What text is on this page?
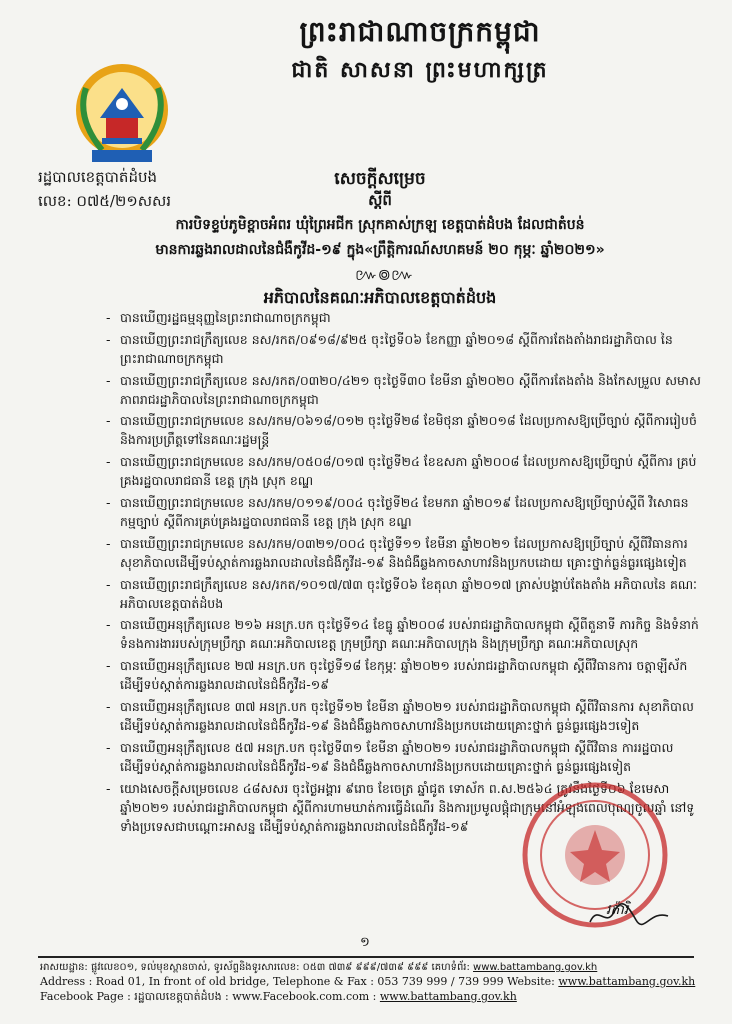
ព្រះរាជាណាចក្រកម្ពុជា
ជាតិ សាសនា ព្រះមហាក្សត្រ
រដ្ឋបាលខេត្តបាត់ដំបង
លេខ: ០៧៥/២១សសរ
សេចក្តីសម្រេច
ស្តីពី
ការបិទខ្ទប់ភូមិខ្ពាចអំពរ ឃុំព្រៃអជីក ស្រុកគាស់ក្រឡ ខេត្តបាត់ដំបង ដែលជាតំបន់
មានការឆ្លងរាលដាលនៃជំងឺកូវីដ-១៩ ក្នុង«ព្រឹត្តិការណ៍សហគមន៍ ២០ កុម្ភៈ ឆ្នាំ២០២១»
៚៙៚
អភិបាលនៃគណៈអភិបាលខេត្តបាត់ដំបង
- បានឃើញរដ្ឋធម្មនុញ្ញនៃព្រះរាជាណាចក្រកម្ពុជា
- បានឃើញព្រះរាជក្រឹត្យលេខ នស/រកត/០៩១៨/៩២៥ ចុះថ្ងៃទី០៦ ខែកញ្ញា ឆ្នាំ២០១៨ ស្តីពីការតែងតាំងរាជរដ្ឋាភិបាល នៃព្រះរាជាណាចក្រកម្ពុជា
- បានឃើញព្រះរាជក្រឹត្យលេខ នស/រកត/០៣២០/៤២១ ចុះថ្ងៃទី៣០ ខែមីនា ឆ្នាំ២០២០ ស្តីពីការតែងតាំង និងកែសម្រួល សមាសភាពរាជរដ្ឋាភិបាលនៃព្រះរាជាណាចក្រកម្ពុជា
- បានឃើញព្រះរាជក្រមលេខ នស/រកម/០៦១៨/០១២ ចុះថ្ងៃទី២៨ ខែមិថុនា ឆ្នាំ២០១៨ ដែលប្រកាសឱ្យប្រើច្បាប់ ស្តីពីការរៀបចំ និងការប្រព្រឹត្តទៅនៃគណៈរដ្ឋមន្ត្រី
- បានឃើញព្រះរាជក្រមលេខ នស/រកម/០៥០៨/០១៧ ចុះថ្ងៃទី២៤ ខែឧសភា ឆ្នាំ២០០៨ ដែលប្រកាសឱ្យប្រើច្បាប់ ស្តីពីការ គ្រប់គ្រងរដ្ឋបាលរាជធានី ខេត្ត ក្រុង ស្រុក ខណ្ឌ
- បានឃើញព្រះរាជក្រមលេខ នស/រកម/០១១៩/០០៤ ចុះថ្ងៃទី២៤ ខែមករា ឆ្នាំ២០១៩ ដែលប្រកាសឱ្យប្រើច្បាប់ស្តីពី វិសោធនកម្មច្បាប់ ស្តីពីការគ្រប់គ្រងរដ្ឋបាលរាជធានី ខេត្ត ក្រុង ស្រុក ខណ្ឌ
- បានឃើញព្រះរាជក្រមលេខ នស/រកម/០៣២១/០០៤ ចុះថ្ងៃទី១១ ខែមីនា ឆ្នាំ២០២១ ដែលប្រកាសឱ្យប្រើច្បាប់ ស្តីពីវិធានការសុខាភិបាលដើម្បីទប់ស្កាត់ការឆ្លងរាលដាលនៃជំងឺកូវីដ-១៩ និងជំងឺឆ្លងកាចសាហាវនិងប្រកបដោយ គ្រោះថ្នាក់ធ្ងន់ធ្ងរផ្សេងទៀត
- បានឃើញព្រះរាជក្រឹត្យលេខ នស/រកត/១០១៧/៧៣ ចុះថ្ងៃទី០៦ ខែតុលា ឆ្នាំ២០១៧ ត្រាស់បង្គាប់តែងតាំង អភិបាលនៃ គណៈអភិបាលខេត្តបាត់ដំបង
- បានឃើញអនុក្រឹត្យលេខ ២១៦ អនក្រ.បក ចុះថ្ងៃទី១៤ ខែធ្នូ ឆ្នាំ២០០៨ របស់រាជរដ្ឋាភិបាលកម្ពុជា ស្តីពីតួនាទី ភារកិច្ច និងទំនាក់ទំនងការងាររបស់ក្រុមប្រឹក្សា គណៈអភិបាលខេត្ត ក្រុមប្រឹក្សា គណៈអភិបាលក្រុង និងក្រុមប្រឹក្សា គណៈអភិបាលស្រុក
- បានឃើញអនុក្រឹត្យលេខ ២៧ អនក្រ.បក ចុះថ្ងៃទី១៨ ខែកុម្ភៈ ឆ្នាំ២០២១ របស់រាជរដ្ឋាភិបាលកម្ពុជា ស្តីពីវិធានការ ចត្តាឡីស័ក ដើម្បីទប់ស្កាត់ការឆ្លងរាលដាលនៃជំងឺកូវីដ-១៩
- បានឃើញអនុក្រឹត្យលេខ ៣៧ អនក្រ.បក ចុះថ្ងៃទី១២ ខែមីនា ឆ្នាំ២០២១ របស់រាជរដ្ឋាភិបាលកម្ពុជា ស្តីពីវិធានការ សុខាភិបាល ដើម្បីទប់ស្កាត់ការឆ្លងរាលដាលនៃជំងឺកូវីដ-១៩ និងជំងឺឆ្លងកាចសាហាវនិងប្រកបដោយគ្រោះថ្នាក់ ធ្ងន់ធ្ងរផ្សេងៗទៀត
- បានឃើញអនុក្រឹត្យលេខ ៥៧ អនក្រ.បក ចុះថ្ងៃទី៣១ ខែមីនា ឆ្នាំ២០២១ របស់រាជរដ្ឋាភិបាលកម្ពុជា ស្តីពីវិធាន ការរដ្ឋបាលដើម្បីទប់ស្កាត់ការឆ្លងរាលដាលនៃជំងឺកូវីដ-១៩ និងជំងឺឆ្លងកាចសាហាវនិងប្រកបដោយគ្រោះថ្នាក់ ធ្ងន់ធ្ងរផ្សេងទៀត
- យោងសេចក្តីសម្រេចលេខ ៤៨សសរ ចុះថ្ងៃអង្គារ ៩រោច ខែចេត្រ ឆ្នាំជូត ទោស័ក ព.ស.២៥៦៤ ត្រូវនឹងថ្ងៃទី០៦ ខែមេសា ឆ្នាំ២០២១ របស់រាជរដ្ឋាភិបាលកម្ពុជា ស្តីពីការហាមឃាត់ការធ្វើដំណើរ និងការប្រមូលផ្តុំជាក្រុមនៅអំឡុងពេលបុណ្យចូលឆ្នាំ នៅទូទាំងប្រទេសជាបណ្តោះអាសន្ន ដើម្បីទប់ស្កាត់ការឆ្លងរាលដាលនៃជំងឺកូវីដ-១៩
រត៉ារិ
១
អាសយដ្ឋាន: ផ្លូវលេខ០១, ទល់មុខស្ពានចាស់, ទូរស័ព្ទនិងទូរសារលេខ: ០៥៣ ៧៣៩ ៩៩៩/៧៣៩ ៩៩៩ គេហទំព័រ: www.battambang.gov.kh
Address : Road 01, In front of old bridge, Telephone & Fax : 053 739 999 / 739 999 Website: www.battambang.gov.kh
Facebook Page : រដ្ឋបាលខេត្តបាត់ដំបង : www.Facebook.com.com : www.battambang.gov.kh
